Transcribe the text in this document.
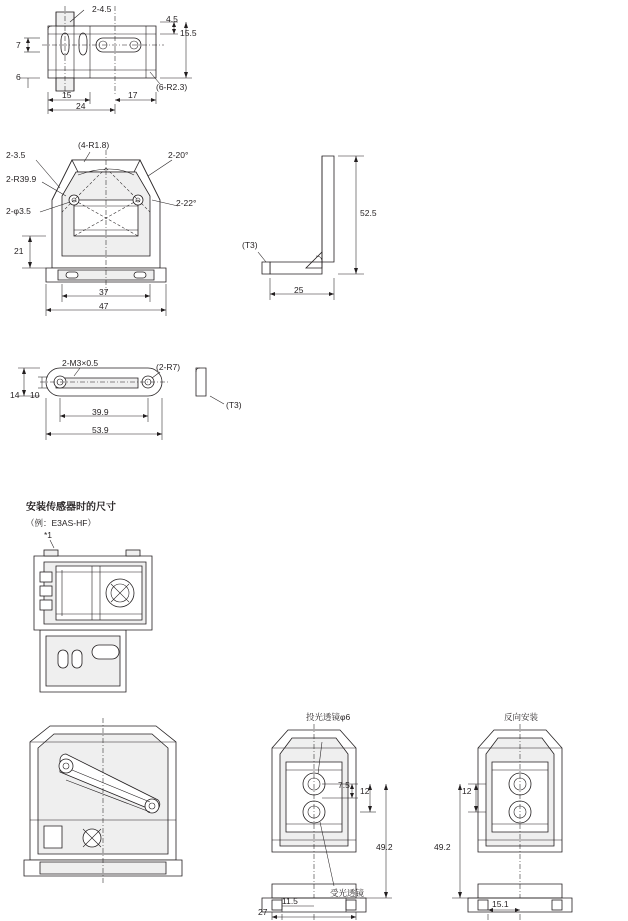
2-4.5
4.5
15.5
7
6
15
24
17
(6-R2.3)
(4-R1.8)
2-20°
2-3.5
2-R39.9
2-φ3.5
2-22°
21
37
47
52.5
(T3)
25
2-M3×0.5	(2-R7)
14 10
39.9
53.9
(T3)
安装传感器时的尺寸
（例：E3AS-HF）
*1
投光透镜φ6
受光透镜
反向安装
7.5
12
49.2
11.5
27
12
49.2
15.1
